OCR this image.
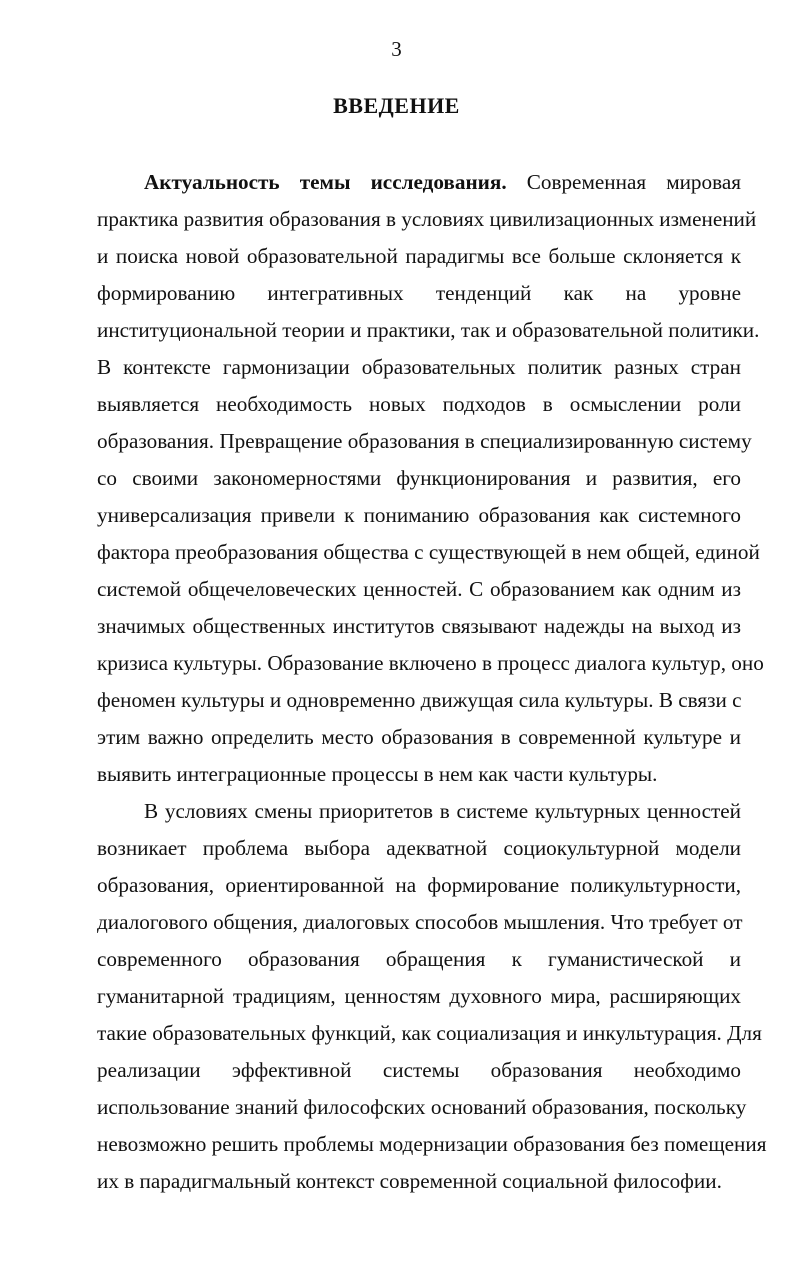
3
ВВЕДЕНИЕ

Актуальность темы исследования. Современная мировая
практика развития образования в условиях цивилизационных изменений
и поиска новой образовательной парадигмы все больше склоняется к
формированию интегративных тенденций как на уровне
институциональной теории и практики, так и образовательной политики.
В контексте гармонизации образовательных политик разных стран
выявляется необходимость новых подходов в осмыслении роли
образования. Превращение образования в специализированную систему
со своими закономерностями функционирования и развития, его
универсализация привели к пониманию образования как системного
фактора преобразования общества с существующей в нем общей, единой
системой общечеловеческих ценностей. С образованием как одним из
значимых общественных институтов связывают надежды на выход из
кризиса культуры. Образование включено в процесс диалога культур, оно
феномен культуры и одновременно движущая сила культуры. В связи с
этим важно определить место образования в современной культуре и
выявить интеграционные процессы в нем как части культуры.

В условиях смены приоритетов в системе культурных ценностей
возникает проблема выбора адекватной социокультурной модели
образования, ориентированной на формирование поликультурности,
диалогового общения, диалоговых способов мышления. Что требует от
современного образования обращения к гуманистической и
гуманитарной традициям, ценностям духовного мира, расширяющих
такие образовательных функций, как социализация и инкультурация. Для
реализации эффективной системы образования необходимо
использование знаний философских оснований образования, поскольку
невозможно решить проблемы модернизации образования без помещения
их в парадигмальный контекст современной социальной философии.
